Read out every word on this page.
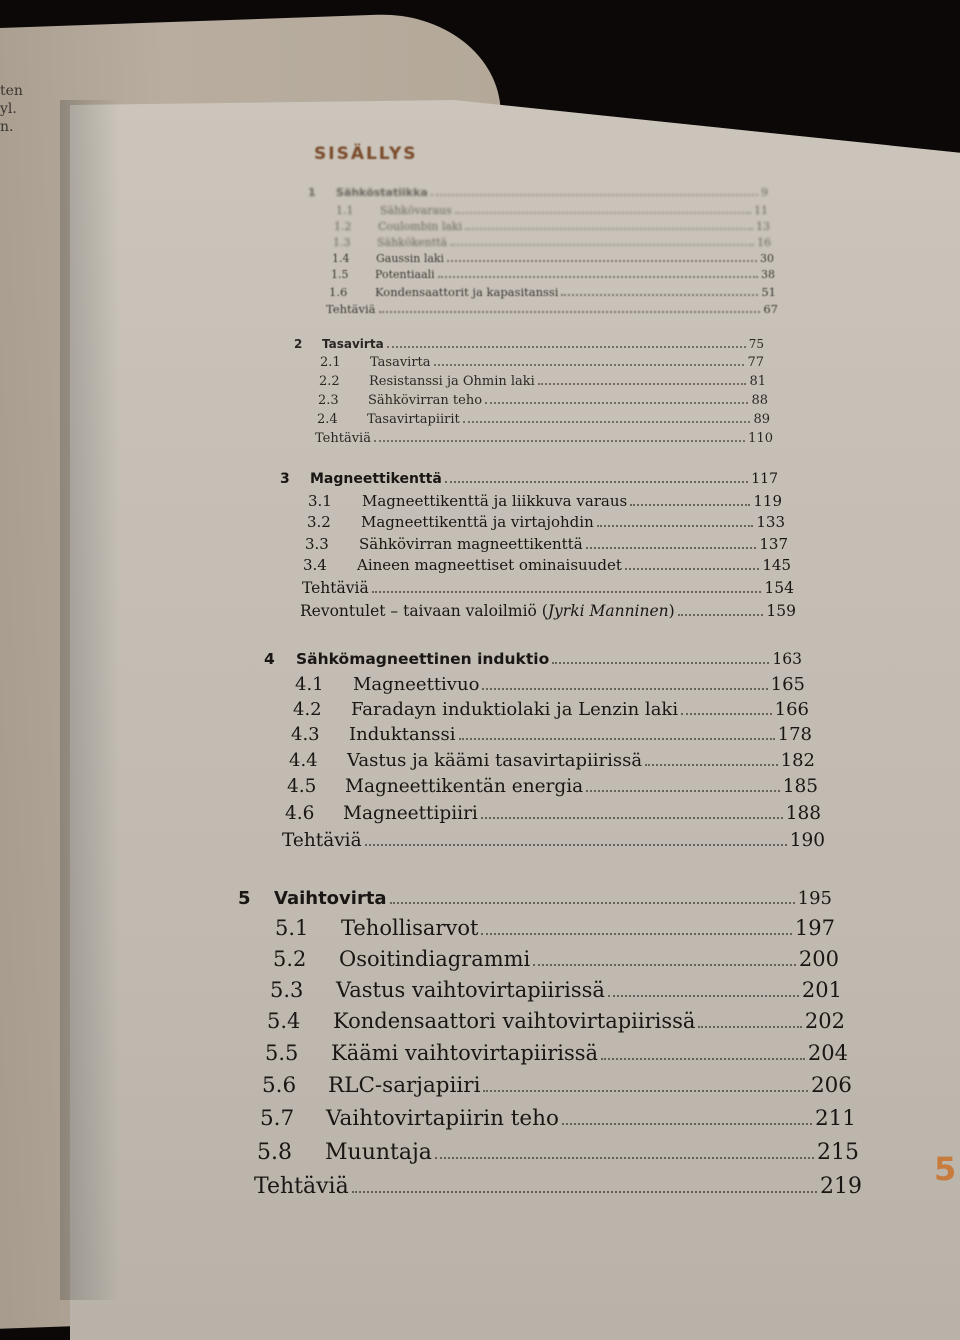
ten
yl.
n.
SISÄLLYS
1	Sähköstatiikka	9
1.1	Sähkövaraus	11
1.2	Coulombin laki	13
1.3	Sähkökenttä	16
1.4	Gaussin laki	30
1.5	Potentiaali	38
1.6	Kondensaattorit ja kapasitanssi	51
Tehtäviä	67
2	Tasavirta	75
2.1	Tasavirta	77
2.2	Resistanssi ja Ohmin laki	81
2.3	Sähkövirran teho	88
2.4	Tasavirtapiirit	89
Tehtäviä	110
3	Magneettikenttä	117
3.1	Magneettikenttä ja liikkuva varaus	119
3.2	Magneettikenttä ja virtajohdin	133
3.3	Sähkövirran magneettikenttä	137
3.4	Aineen magneettiset ominaisuudet	145
Tehtäviä	154
Revontulet – taivaan valoilmiö (Jyrki Manninen)	159
4	Sähkömagneettinen induktio	163
4.1	Magneettivuo	165
4.2	Faradayn induktiolaki ja Lenzin laki	166
4.3	Induktanssi	178
4.4	Vastus ja käämi tasavirtapiirissä	182
4.5	Magneettikentän energia	185
4.6	Magneettipiiri	188
Tehtäviä	190
5	Vaihtovirta	195
5.1	Tehollisarvot	197
5.2	Osoitindiagrammi	200
5.3	Vastus vaihtovirtapiirissä	201
5.4	Kondensaattori vaihtovirtapiirissä	202
5.5	Käämi vaihtovirtapiirissä	204
5.6	RLC-sarjapiiri	206
5.7	Vaihtovirtapiirin teho	211
5.8	Muuntaja	215
Tehtäviä	219 5
